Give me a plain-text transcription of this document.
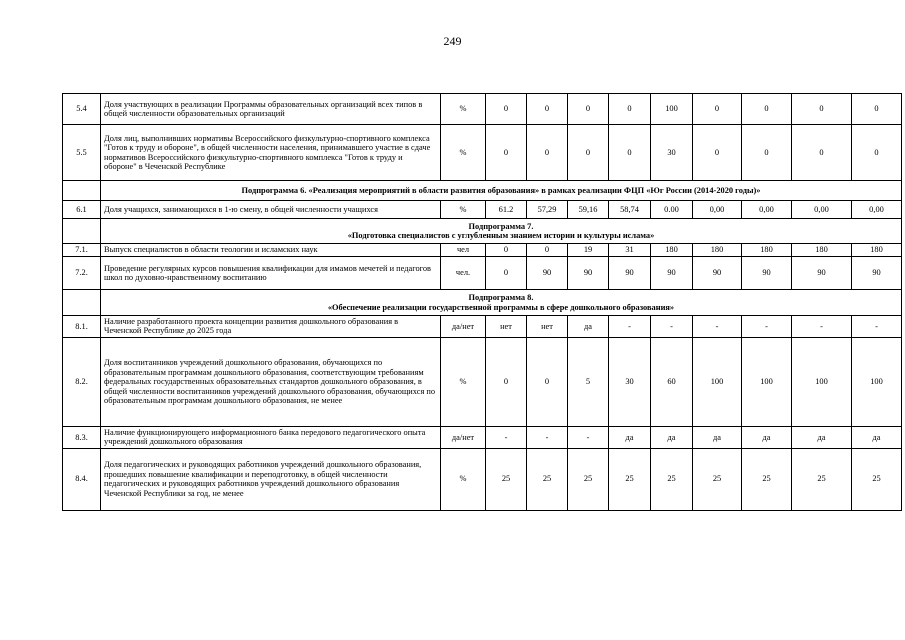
249
5.4	Доля участвующих в реализации Программы образовательных организаций всех типов в общей численности образовательных организаций	%	0	0	0	0	100	0	0	0	0
5.5	Доля лиц, выполнивших нормативы Всероссийского физкультурно-спортивного комплекса "Готов к труду и обороне", в общей численности населения, принимавшего участие в сдаче нормативов Всероссийского физкультурно-спортивного комплекса "Готов к труду и обороне" в Чеченской Республике	%	0	0	0	0	30	0	0	0	0
	Подпрограмма 6. «Реализация мероприятий в области развития образования» в рамках реализации ФЦП «Юг России (2014-2020 годы)»										
6.1	Доля учащихся, занимающихся в 1-ю смену, в общей численности учащихся	%	61.2	57,29	59,16	58,74	0.00	0,00	0,00	0,00	0,00
	Подпрограмма 7.
«Подготовка специалистов с углубленным знанием истории и культуры ислама»										
7.1.	Выпуск специалистов в области теологии и исламских наук	чел	0	0	19	31	180	180	180	180	180
7.2.	Проведение регулярных курсов повышения квалификации для имамов мечетей и педагогов школ по духовно-нравственному воспитанию	чел.	0	90	90	90	90	90	90	90	90
	Подпрограмма 8.
«Обеспечение реализации государственной программы в сфере дошкольного образования»										
8.1.	Наличие разработанного проекта концепции развития дошкольного образования в Чеченской Республике до 2025 года	да/нет	нет	нет	да	-	-	-	-	-	-
8.2.	Доля воспитанников учреждений дошкольного образования, обучающихся по образовательным программам дошкольного образования, соответствующим требованиям федеральных государственных образовательных стандартов дошкольного образования, в общей численности воспитанников учреждений дошкольного образования, обучающихся по образовательным программам дошкольного образования, не менее	%	0	0	5	30	60	100	100	100	100
8.3.	Наличие функционирующего информационного банка передового педагогического опыта учреждений дошкольного образования	да/нет	-	-	-	да	да	да	да	да	да
8.4.	Доля педагогических и руководящих работников учреждений дошкольного образования, прошедших повышение квалификации и переподготовку, в общей численности педагогических и руководящих работников учреждений дошкольного образования Чеченской Республики за год, не менее	%	25	25	25	25	25	25	25	25	25
